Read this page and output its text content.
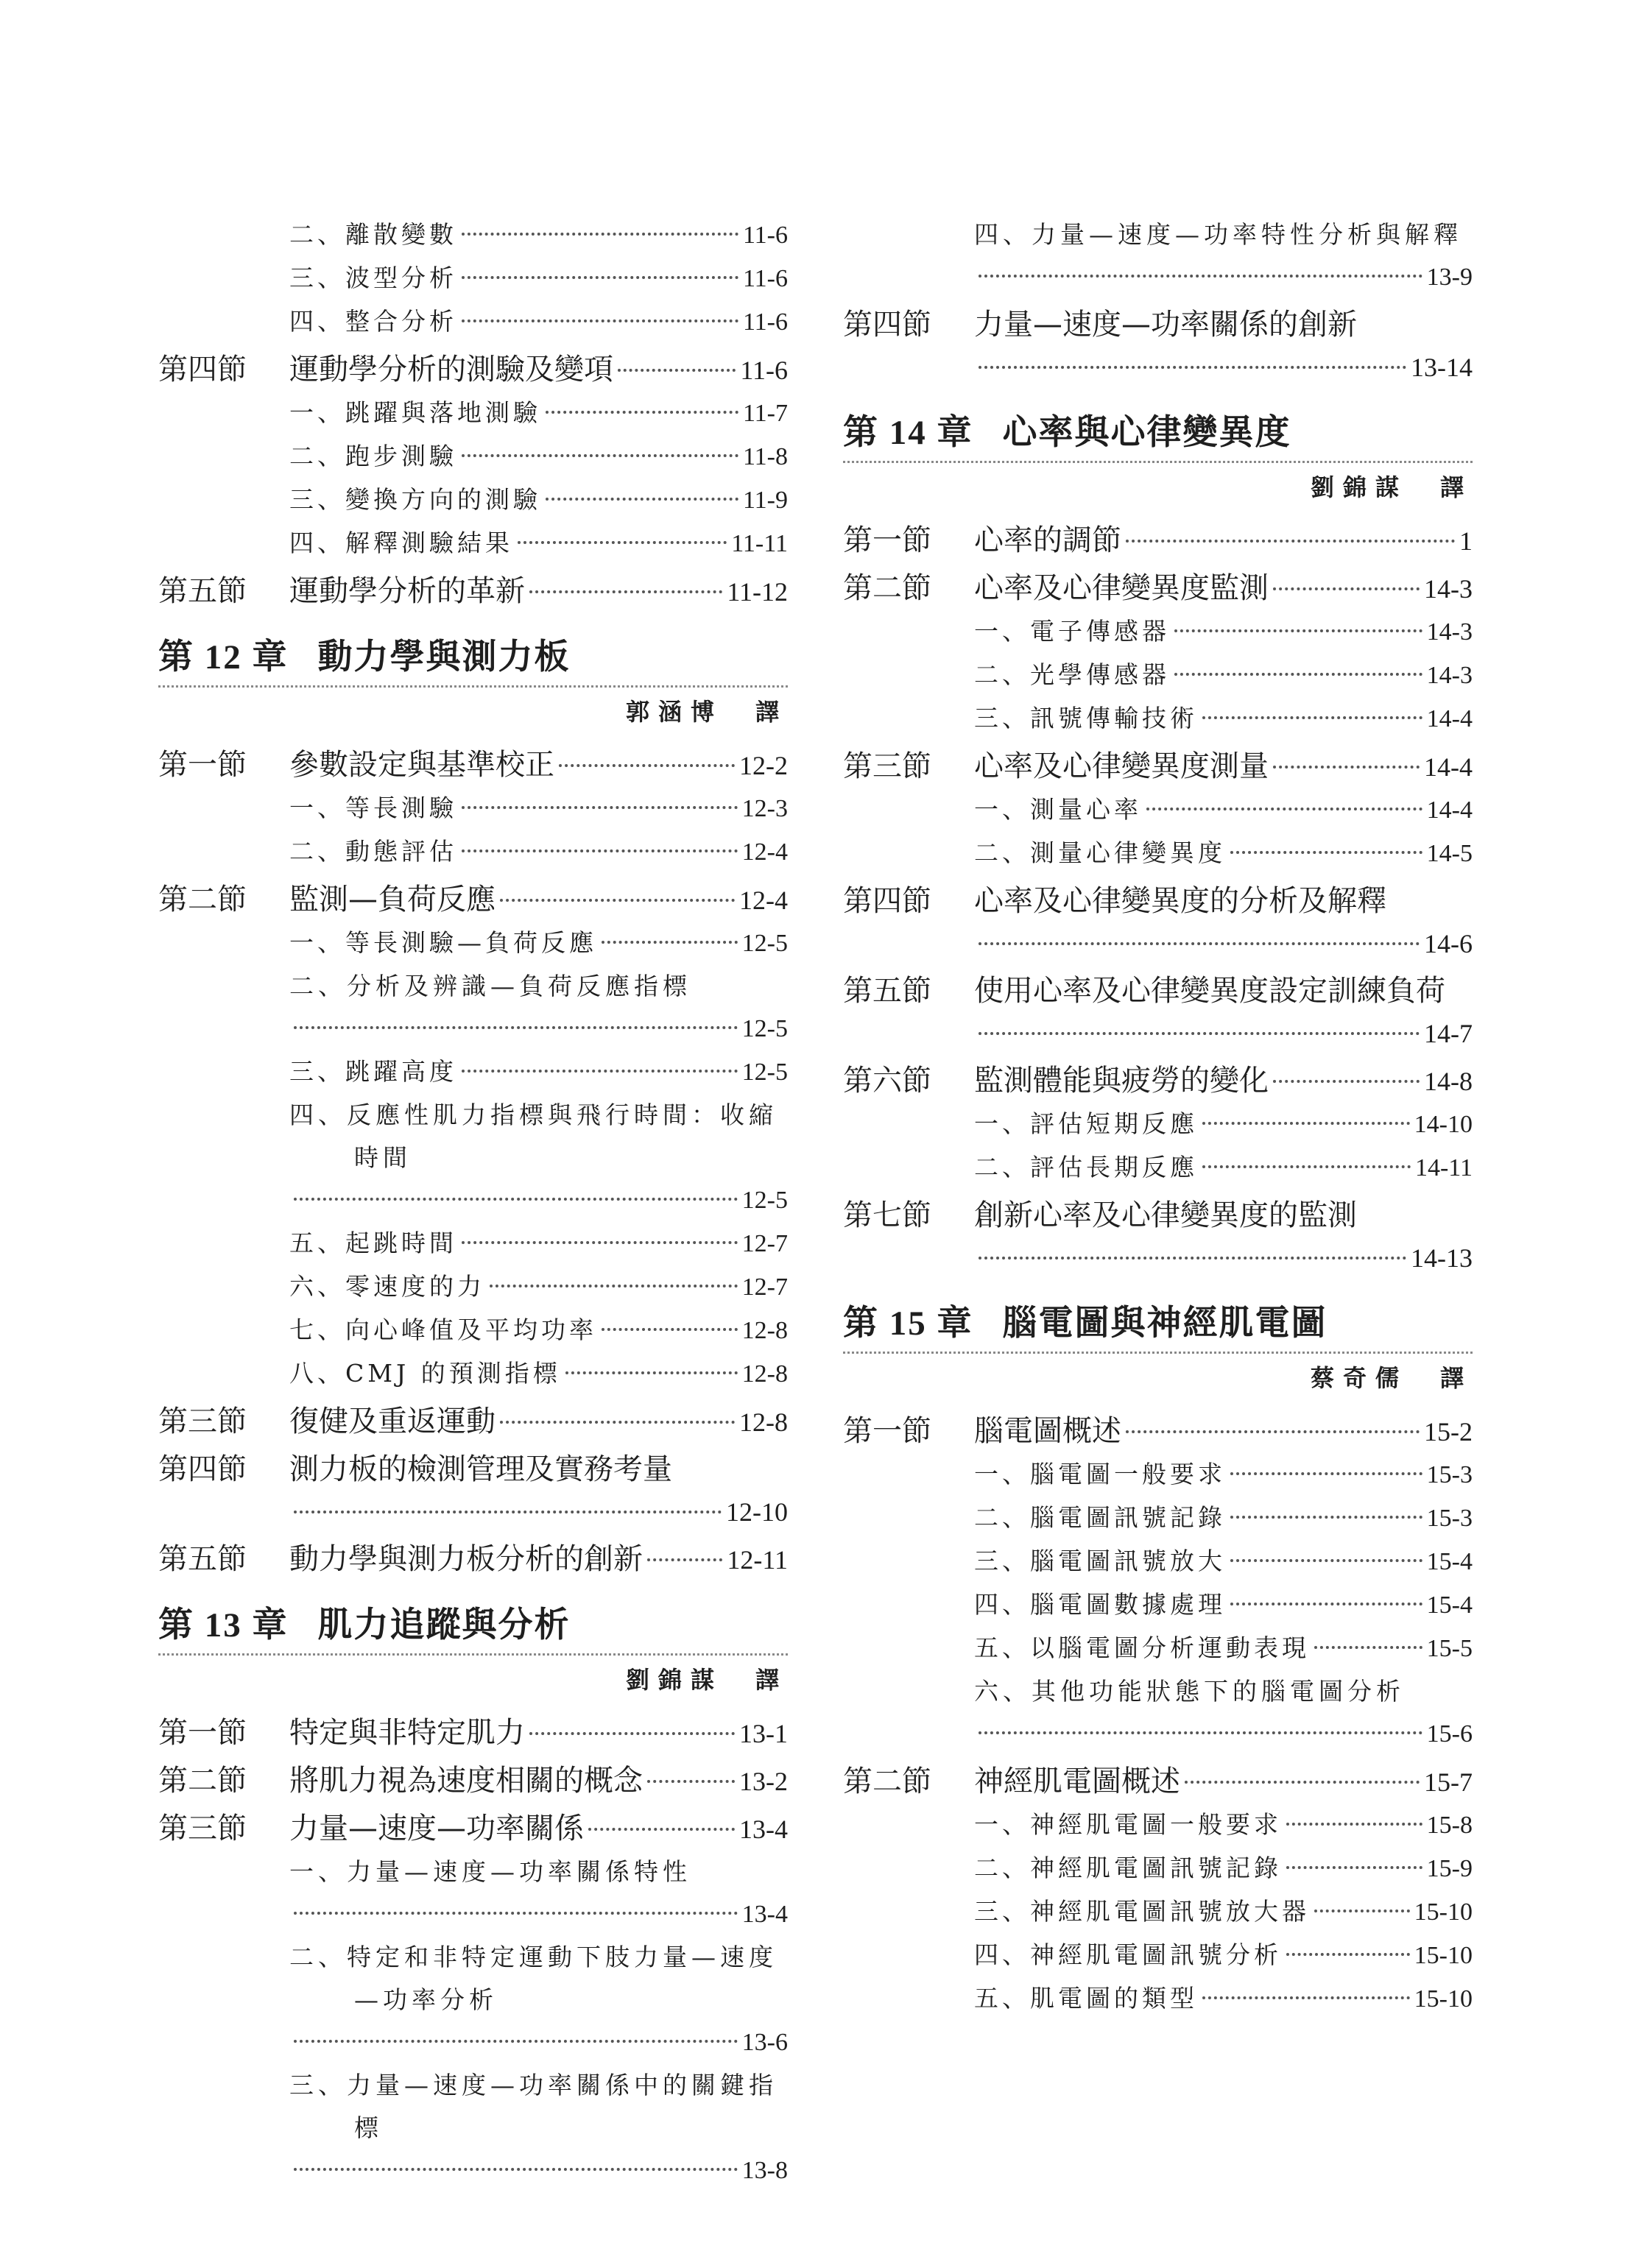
二、離散變數	11-6
三、波型分析	11-6
四、整合分析	11-6
第四節	運動學分析的測驗及變項	11-6
一、跳躍與落地測驗	11-7
二、跑步測驗	11-8
三、變換方向的測驗	11-9
四、解釋測驗結果	11-11
第五節	運動學分析的革新	11-12
第 12 章 動力學與測力板
郭涵博　譯
第一節	參數設定與基準校正	12-2
一、等長測驗	12-3
二、動態評估	12-4
第二節	監測—負荷反應	12-4
一、等長測驗—負荷反應	12-5
二、分析及辨識—負荷反應指標
12-5
三、跳躍高度	12-5
四、反應性肌力指標與飛行時間：收縮時間
12-5
五、起跳時間	12-7
六、零速度的力	12-7
七、向心峰值及平均功率	12-8
八、CMJ 的預測指標	12-8
第三節	復健及重返運動	12-8
第四節	測力板的檢測管理及實務考量
12-10
第五節	動力學與測力板分析的創新	12-11
第 13 章 肌力追蹤與分析
劉錦謀　譯
第一節	特定與非特定肌力	13-1
第二節	將肌力視為速度相關的概念	13-2
第三節	力量—速度—功率關係	13-4
一、力量—速度—功率關係特性
13-4
二、特定和非特定運動下肢力量—速度—功率分析
13-6
三、力量—速度—功率關係中的關鍵指標
13-8
四、力量—速度—功率特性分析與解釋
13-9
第四節	力量—速度—功率關係的創新
13-14
第 14 章 心率與心律變異度
劉錦謀　譯
第一節	心率的調節	1
第二節	心率及心律變異度監測	14-3
一、電子傳感器	14-3
二、光學傳感器	14-3
三、訊號傳輸技術	14-4
第三節	心率及心律變異度測量	14-4
一、測量心率	14-4
二、測量心律變異度	14-5
第四節	心率及心律變異度的分析及解釋
14-6
第五節	使用心率及心律變異度設定訓練負荷
14-7
第六節	監測體能與疲勞的變化	14-8
一、評估短期反應	14-10
二、評估長期反應	14-11
第七節	創新心率及心律變異度的監測
14-13
第 15 章 腦電圖與神經肌電圖
蔡奇儒　譯
第一節	腦電圖概述	15-2
一、腦電圖一般要求	15-3
二、腦電圖訊號記錄	15-3
三、腦電圖訊號放大	15-4
四、腦電圖數據處理	15-4
五、以腦電圖分析運動表現	15-5
六、其他功能狀態下的腦電圖分析
15-6
第二節	神經肌電圖概述	15-7
一、神經肌電圖一般要求	15-8
二、神經肌電圖訊號記錄	15-9
三、神經肌電圖訊號放大器	15-10
四、神經肌電圖訊號分析	15-10
五、肌電圖的類型	15-10
